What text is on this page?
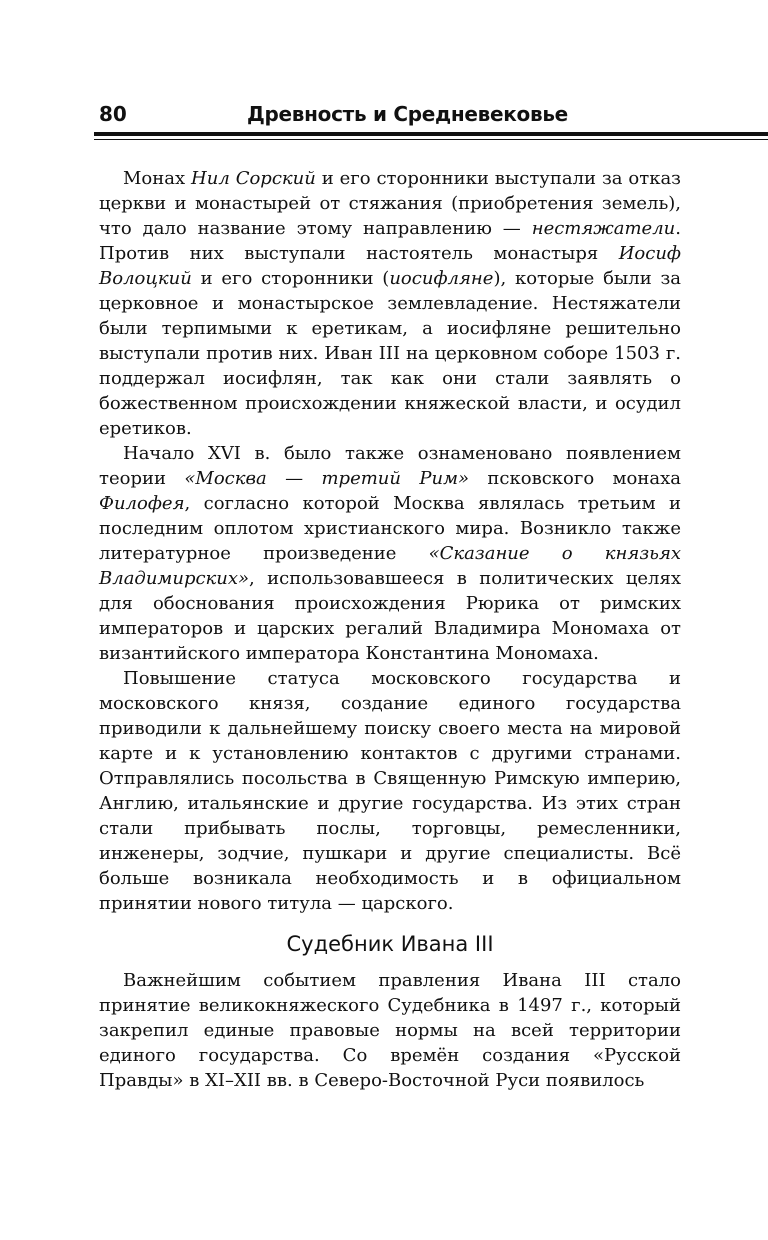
80	Древность и Средневековье

Монах Нил Сорский и его сторонники выступали за отказ церкви и монастырей от стяжания (приобретения земель), что дало название этому направлению — нестяжатели. Против них выступали настоятель монастыря Иосиф Волоцкий и его сторонники (иосифляне), которые были за церковное и монастырское землевладение. Нестяжатели были терпимыми к еретикам, а иосифляне решительно выступали против них. Иван III на церковном соборе 1503 г. поддержал иосифлян, так как они стали заявлять о божественном происхождении княжеской власти, и осудил еретиков.

Начало XVI в. было также ознаменовано появлением теории «Москва — третий Рим» псковского монаха Филофея, согласно которой Москва являлась третьим и последним оплотом христианского мира. Возникло также литературное произведение «Сказание о князьях Владимирских», использовавшееся в политических целях для обоснования происхождения Рюрика от римских императоров и царских регалий Владимира Мономаха от византийского императора Константина Мономаха.

Повышение статуса московского государства и московского князя, создание единого государства приводили к дальнейшему поиску своего места на мировой карте и к установлению контактов с другими странами. Отправлялись посольства в Священную Римскую империю, Англию, итальянские и другие государства. Из этих стран стали прибывать послы, торговцы, ремесленники, инженеры, зодчие, пушкари и другие специалисты. Всё больше возникала необходимость и в официальном принятии нового титула — царского.

Судебник Ивана III

Важнейшим событием правления Ивана III стало принятие великокняжеского Судебника в 1497 г., который закрепил единые правовые нормы на всей территории единого государства. Со времён создания «Русской Правды» в XI–XII вв. в Северо-Восточной Руси появилось
